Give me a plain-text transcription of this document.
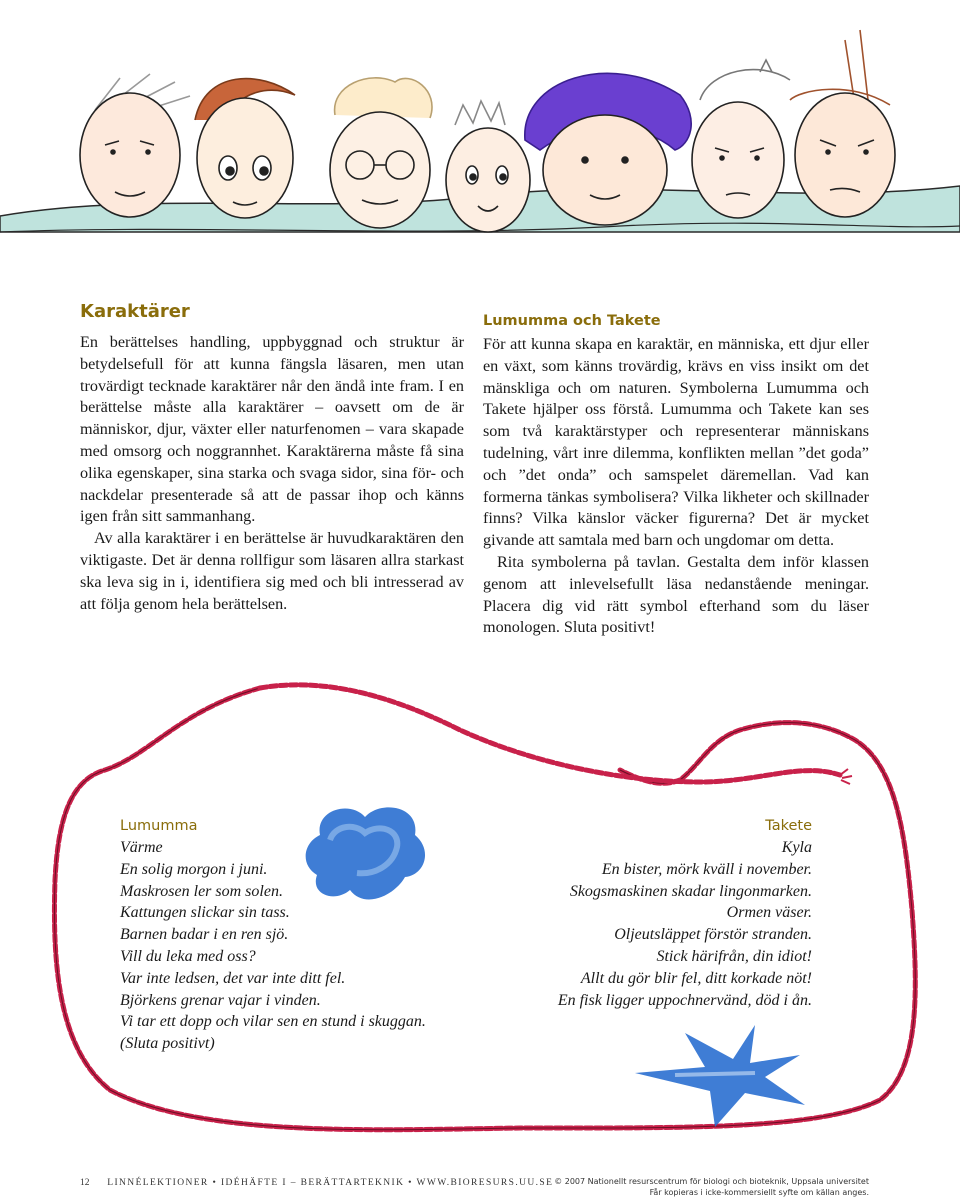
Karaktärer

En berättelses handling, uppbyggnad och struktur är betydelsefull för att kunna fängsla läsaren, men utan trovärdigt tecknade karaktärer når den ändå inte fram. I en berättelse måste alla karaktärer – oavsett om de är människor, djur, växter eller naturfenomen – vara skapade med omsorg och noggrannhet. Karaktärerna måste få sina olika egenskaper, sina starka och svaga sidor, sina för- och nackdelar presenterade så att de passar ihop och känns igen från sitt sammanhang.

Av alla karaktärer i en berättelse är huvudkaraktären den viktigaste. Det är denna rollfigur som läsaren allra starkast ska leva sig in i, identifiera sig med och bli intresserad av att följa genom hela berättelsen.

Lumumma och Takete

För att kunna skapa en karaktär, en människa, ett djur eller en växt, som känns trovärdig, krävs en viss insikt om det mänskliga och om naturen. Symbolerna Lumumma och Takete hjälper oss förstå. Lumumma och Takete kan ses som två karaktärstyper och representerar människans tudelning, vårt inre dilemma, konflikten mellan ”det goda” och ”det onda” och samspelet däremellan. Vad kan formerna tänkas symbolisera? Vilka likheter och skillnader finns? Vilka känslor väcker figurerna? Det är mycket givande att samtala med barn och ungdomar om detta.

Rita symbolerna på tavlan. Gestalta dem inför klassen genom att inlevelsefullt läsa nedanstående meningar. Placera dig vid rätt symbol efterhand som du läser monologen. Sluta positivt!

Lumumma
Värme
En solig morgon i juni.
Maskrosen ler som solen.
Kattungen slickar sin tass.
Barnen badar i en ren sjö.
Vill du leka med oss?
Var inte ledsen, det var inte ditt fel.
Björkens grenar vajar i vinden.
Vi tar ett dopp och vilar sen en stund i skuggan.
(Sluta positivt)
Takete
Kyla
En bister, mörk kväll i november.
Skogsmaskinen skadar lingonmarken.
Ormen väser.
Oljeutsläppet förstör stranden.
Stick härifrån, din idiot!
Allt du gör blir fel, ditt korkade nöt!
En fisk ligger uppochnervänd, död i ån.
12 LINNÉLEKTIONER • IDÉHÄFTE I – BERÄTTARTEKNIK • WWW.BIORESURS.UU.SE © 2007 Nationellt resurscentrum för biologi och bioteknik, Uppsala universitet
Får kopieras i icke-kommersiellt syfte om källan anges.
